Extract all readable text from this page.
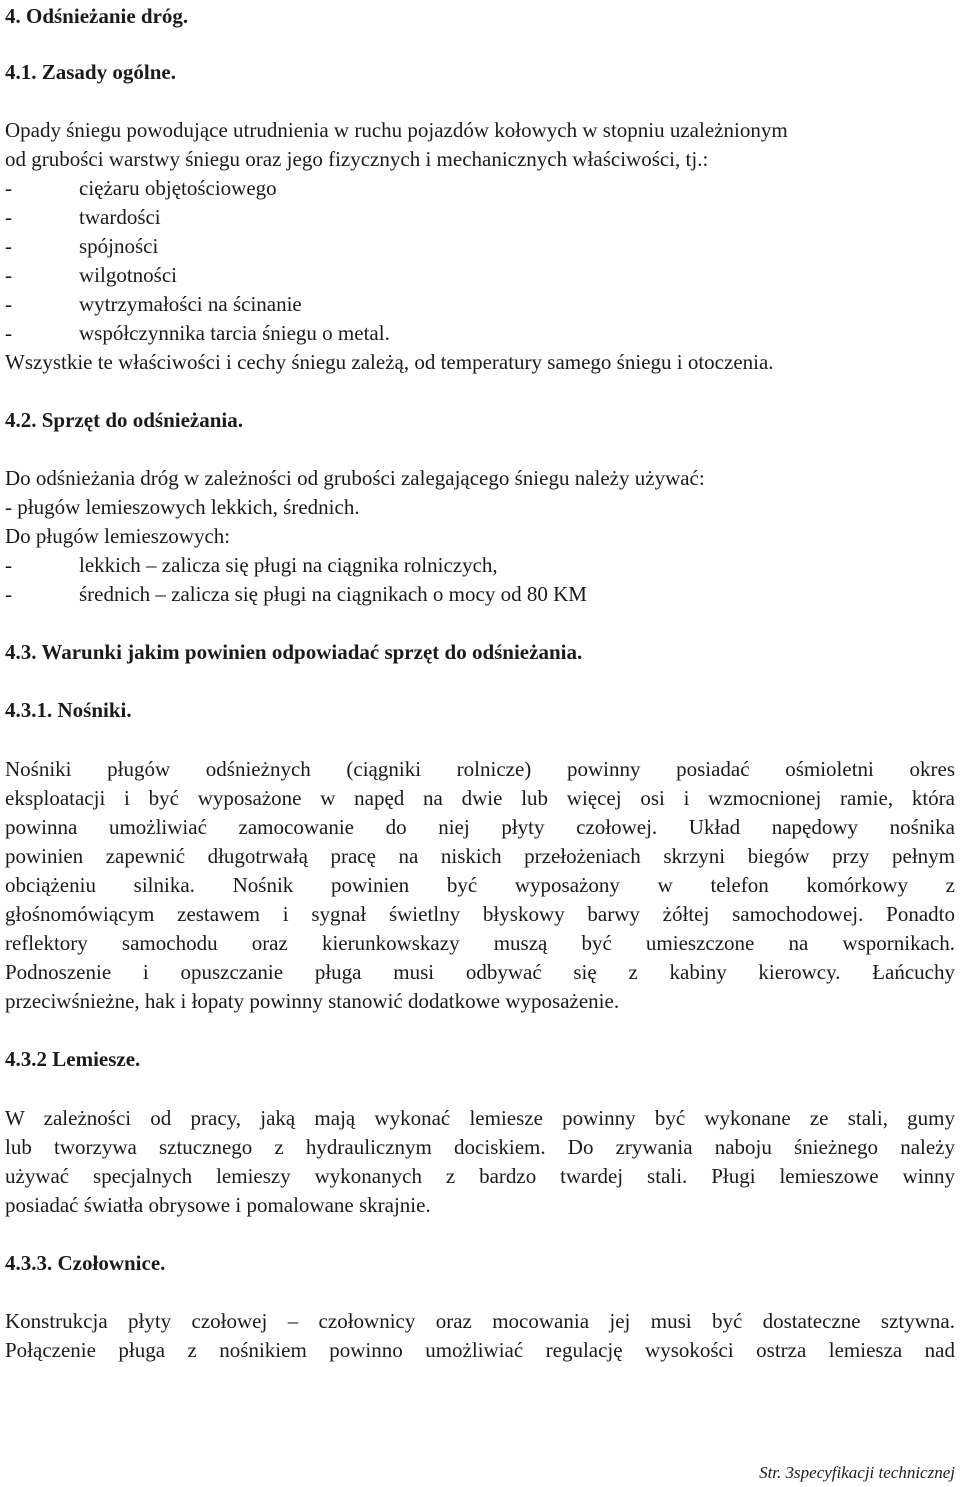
4. Odśnieżanie dróg.
4.1. Zasady ogólne.
Opady śniegu powodujące utrudnienia w ruchu pojazdów kołowych w stopniu uzależnionym
od grubości warstwy śniegu oraz jego fizycznych i mechanicznych właściwości, tj.:
-	ciężaru objętościowego
-	twardości
-	spójności
-	wilgotności
-	wytrzymałości na ścinanie
-	współczynnika tarcia śniegu o metal.
Wszystkie te właściwości i cechy śniegu zależą, od temperatury samego śniegu i otoczenia.
4.2. Sprzęt do odśnieżania.
Do odśnieżania dróg w zależności od grubości zalegającego śniegu należy używać:
- pługów lemieszowych lekkich, średnich.
Do pługów lemieszowych:
-	lekkich – zalicza się pługi na ciągnika rolniczych,
-	średnich – zalicza się pługi na ciągnikach o mocy od 80 KM
4.3. Warunki jakim powinien odpowiadać sprzęt do odśnieżania.
4.3.1. Nośniki.
Nośniki pługów odśnieżnych (ciągniki rolnicze) powinny posiadać ośmioletni okres
eksploatacji i być wyposażone w napęd na dwie lub więcej osi i wzmocnionej ramie, która
powinna umożliwiać zamocowanie do niej płyty czołowej. Układ napędowy nośnika
powinien zapewnić długotrwałą pracę na niskich przełożeniach skrzyni biegów przy pełnym
obciążeniu silnika. Nośnik powinien być wyposażony w telefon komórkowy z
głośnomówiącym zestawem i sygnał świetlny błyskowy barwy żółtej samochodowej. Ponadto
reflektory samochodu oraz kierunkowskazy muszą być umieszczone na wspornikach.
Podnoszenie i opuszczanie pługa musi odbywać się z kabiny kierowcy. Łańcuchy
przeciwśnieżne, hak i łopaty powinny stanowić dodatkowe wyposażenie.
4.3.2 Lemiesze.
W zależności od pracy, jaką mają wykonać lemiesze powinny być wykonane ze stali, gumy
lub tworzywa sztucznego z hydraulicznym dociskiem. Do zrywania naboju śnieżnego należy
używać specjalnych lemieszy wykonanych z bardzo twardej stali. Pługi lemieszowe winny
posiadać światła obrysowe i pomalowane skrajnie.
4.3.3. Czołownice.
Konstrukcja płyty czołowej – czołownicy oraz mocowania jej musi być dostateczne sztywna.
Połączenie pługa z nośnikiem powinno umożliwiać regulację wysokości ostrza lemiesza nad
Str. 3specyfikacji technicznej
